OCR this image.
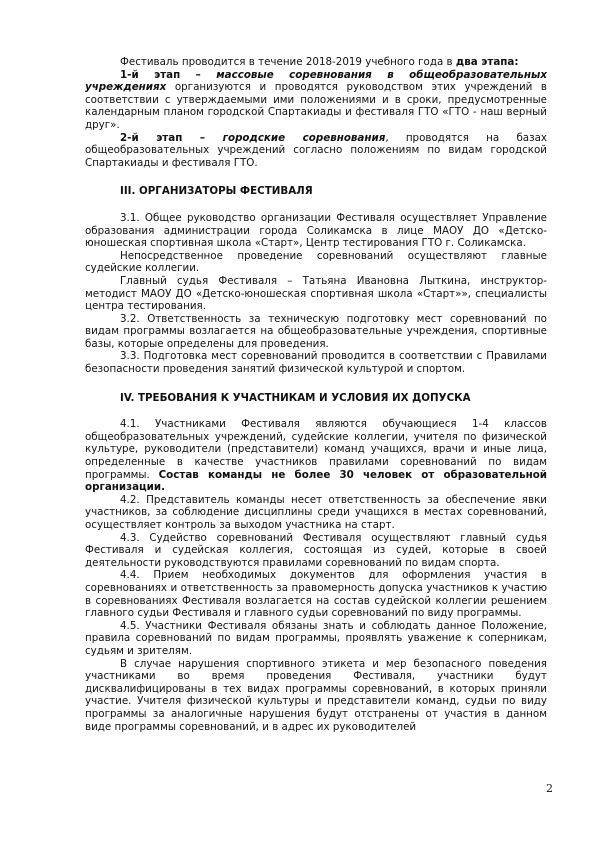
Фестиваль проводится в течение 2018-2019 учебного года в два этапа:

1-й этап – массовые соревнования в общеобразовательных учреждениях организуются и проводятся руководством этих учреждений в соответствии с утверждаемыми ими положениями и в сроки, предусмотренные календарным планом городской Спартакиады и фестиваля ГТО «ГТО - наш верный друг».

2-й этап – городские соревнования, проводятся на базах общеобразовательных учреждений согласно положениям по видам городской Спартакиады и фестиваля ГТО.

III. ОРГАНИЗАТОРЫ ФЕСТИВАЛЯ

3.1. Общее руководство организации Фестиваля осуществляет Управление образования администрации города Соликамска в лице МАОУ ДО «Детско-юношеская спортивная школа «Старт», Центр тестирования ГТО г. Соликамска.

Непосредственное проведение соревнований осуществляют главные судейские коллегии.

Главный судья Фестиваля – Татьяна Ивановна Лыткина, инструктор-методист МАОУ ДО «Детско-юношеская спортивная школа «Старт»», специалисты центра тестирования.

3.2. Ответственность за техническую подготовку мест соревнований по видам программы возлагается на общеобразовательные учреждения, спортивные базы, которые определены для проведения.

3.3. Подготовка мест соревнований проводится в соответствии с Правилами безопасности проведения занятий физической культурой и спортом.

IV. ТРЕБОВАНИЯ К УЧАСТНИКАМ И УСЛОВИЯ ИХ ДОПУСКА

4.1. Участниками Фестиваля являются обучающиеся 1-4 классов общеобразовательных учреждений, судейские коллегии, учителя по физической культуре, руководители (представители) команд учащихся, врачи и иные лица, определенные в качестве участников правилами соревнований по видам программы. Состав команды не более 30 человек от образовательной организации.

4.2. Представитель команды несет ответственность за обеспечение явки участников, за соблюдение дисциплины среди учащихся в местах соревнований, осуществляет контроль за выходом участника на старт.

4.3. Судейство соревнований Фестиваля осуществляют главный судья Фестиваля и судейская коллегия, состоящая из судей, которые в своей деятельности руководствуются правилами соревнований по видам спорта.

4.4. Прием необходимых документов для оформления участия в соревнованиях и ответственность за правомерность допуска участников к участию в соревнованиях Фестиваля возлагается на состав судейской коллегии решением главного судьи Фестиваля и главного судьи соревнований по виду программы.

4.5. Участники Фестиваля обязаны знать и соблюдать данное Положение, правила соревнований по видам программы, проявлять уважение к соперникам, судьям и зрителям.

В случае нарушения спортивного этикета и мер безопасного поведения участниками во время проведения Фестиваля, участники будут дисквалифицированы в тех видах программы соревнований, в которых приняли участие. Учителя физической культуры и представители команд, судьи по виду программы за аналогичные нарушения будут отстранены от участия в данном виде программы соревнований, и в адрес их руководителей

2
